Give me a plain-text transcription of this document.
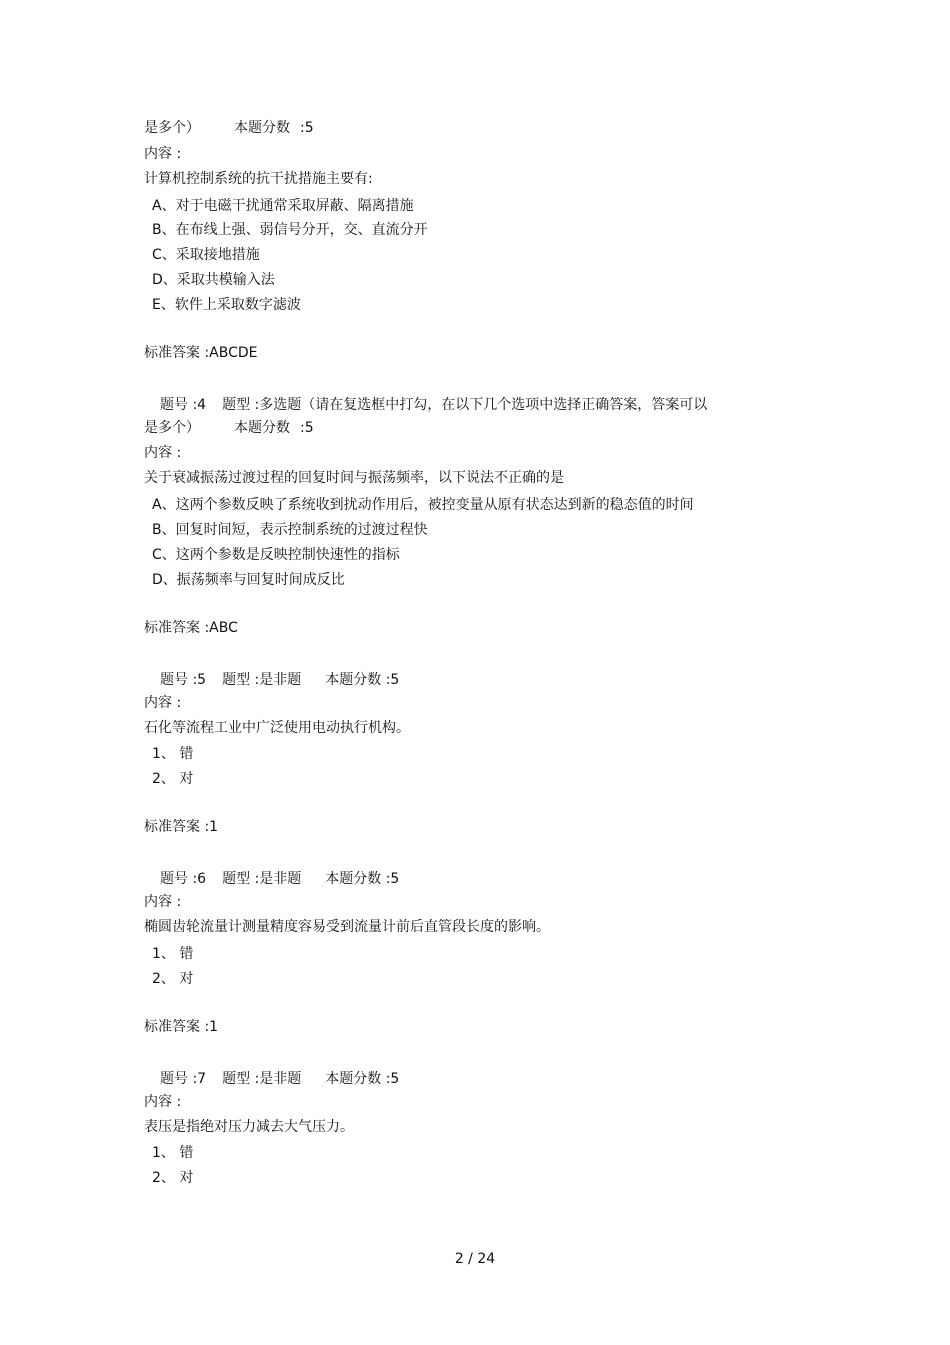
是多个） 本题分数 :5
内容 :
计算机控制系统的抗干扰措施主要有:
A、对于电磁干扰通常采取屏蔽、隔离措施
B、在布线上强、弱信号分开，交、直流分开
C、采取接地措施
D、采取共模输入法
E、软件上采取数字滤波
标准答案 :ABCDE
题号 :4 题型 :多选题（请在复选框中打勾，在以下几个选项中选择正确答案，答案可以
是多个） 本题分数 :5
内容 :
关于衰减振荡过渡过程的回复时间与振荡频率，以下说法不正确的是
A、这两个参数反映了系统收到扰动作用后，被控变量从原有状态达到新的稳态值的时间
B、回复时间短，表示控制系统的过渡过程快
C、这两个参数是反映控制快速性的指标
D、振荡频率与回复时间成反比
标准答案 :ABC
题号 :5 题型 :是非题 本题分数 :5
内容 :
石化等流程工业中广泛使用电动执行机构。
1、 错
2、 对
标准答案 :1
题号 :6 题型 :是非题 本题分数 :5
内容 :
椭圆齿轮流量计测量精度容易受到流量计前后直管段长度的影响。
1、 错
2、 对
标准答案 :1
题号 :7 题型 :是非题 本题分数 :5
内容 :
表压是指绝对压力减去大气压力。
1、 错
2、 对
2 / 24
